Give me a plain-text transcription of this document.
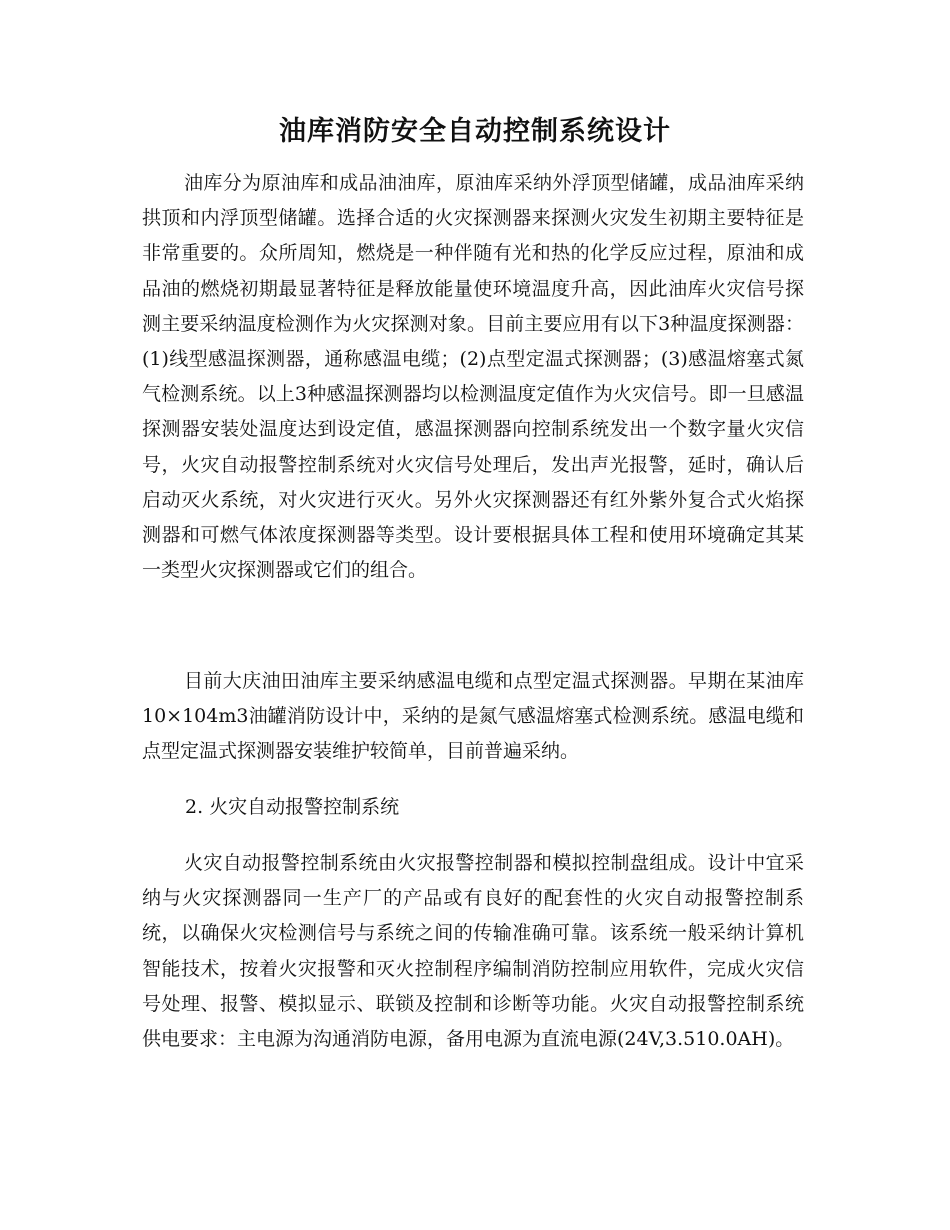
油库消防安全自动控制系统设计

油库分为原油库和成品油油库，原油库采纳外浮顶型储罐，成品油库采纳拱顶和内浮顶型储罐。选择合适的火灾探测器来探测火灾发生初期主要特征是非常重要的。众所周知，燃烧是一种伴随有光和热的化学反应过程，原油和成品油的燃烧初期最显著特征是释放能量使环境温度升高，因此油库火灾信号探测主要采纳温度检测作为火灾探测对象。目前主要应用有以下3种温度探测器：(1)线型感温探测器，通称感温电缆；(2)点型定温式探测器；(3)感温熔塞式氮气检测系统。以上3种感温探测器均以检测温度定值作为火灾信号。即一旦感温探测器安装处温度达到设定值，感温探测器向控制系统发出一个数字量火灾信号，火灾自动报警控制系统对火灾信号处理后，发出声光报警，延时，确认后启动灭火系统，对火灾进行灭火。另外火灾探测器还有红外紫外复合式火焰探测器和可燃气体浓度探测器等类型。设计要根据具体工程和使用环境确定其某一类型火灾探测器或它们的组合。

目前大庆油田油库主要采纳感温电缆和点型定温式探测器。早期在某油库10×104m3油罐消防设计中，采纳的是氮气感温熔塞式检测系统。感温电缆和点型定温式探测器安装维护较简单，目前普遍采纳。

2. 火灾自动报警控制系统

火灾自动报警控制系统由火灾报警控制器和模拟控制盘组成。设计中宜采纳与火灾探测器同一生产厂的产品或有良好的配套性的火灾自动报警控制系统，以确保火灾检测信号与系统之间的传输准确可靠。该系统一般采纳计算机智能技术，按着火灾报警和灭火控制程序编制消防控制应用软件，完成火灾信号处理、报警、模拟显示、联锁及控制和诊断等功能。火灾自动报警控制系统供电要求：主电源为沟通消防电源，备用电源为直流电源(24V,3.510.0AH)。
